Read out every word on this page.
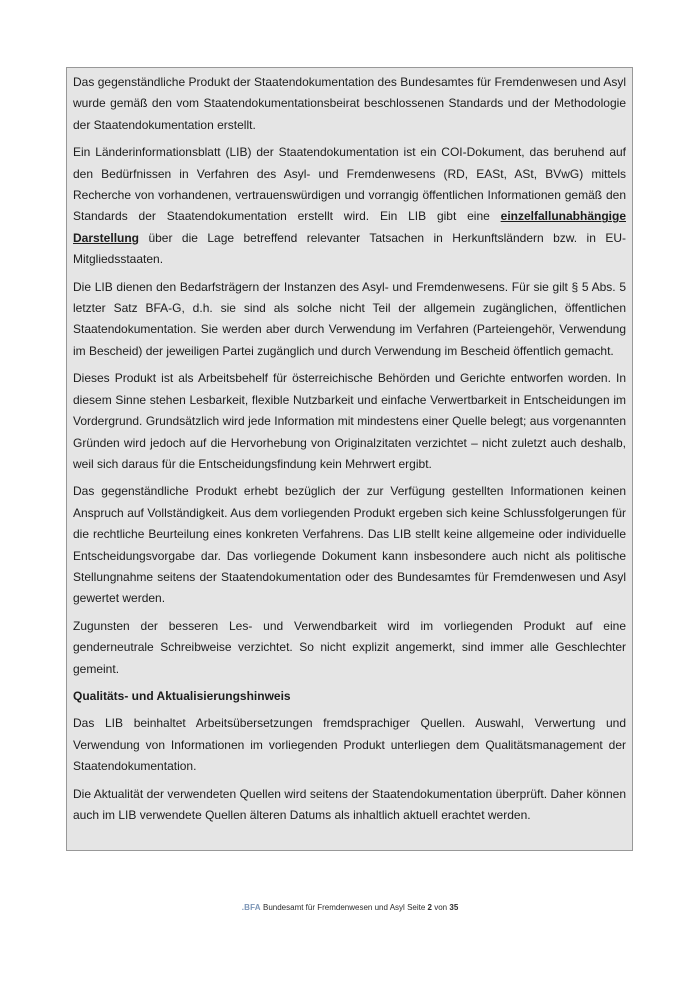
Das gegenständliche Produkt der Staatendokumentation des Bundesamtes für Fremdenwesen und Asyl wurde gemäß den vom Staatendokumentationsbeirat beschlossenen Standards und der Methodologie der Staatendokumentation erstellt.

Ein Länderinformationsblatt (LIB) der Staatendokumentation ist ein COI-Dokument, das beruhend auf den Bedürfnissen in Verfahren des Asyl- und Fremdenwesens (RD, EASt, ASt, BVwG) mittels Recherche von vorhandenen, vertrauenswürdigen und vorrangig öffentlichen Informationen gemäß den Standards der Staatendokumentation erstellt wird. Ein LIB gibt eine einzelfallunabhängige Darstellung über die Lage betreffend relevanter Tatsachen in Herkunftsländern bzw. in EU-Mitgliedsstaaten.

Die LIB dienen den Bedarfsträgern der Instanzen des Asyl- und Fremdenwesens. Für sie gilt § 5 Abs. 5 letzter Satz BFA-G, d.h. sie sind als solche nicht Teil der allgemein zugänglichen, öffentlichen Staatendokumentation. Sie werden aber durch Verwendung im Verfahren (Parteiengehör, Verwendung im Bescheid) der jeweiligen Partei zugänglich und durch Verwendung im Bescheid öffentlich gemacht.

Dieses Produkt ist als Arbeitsbehelf für österreichische Behörden und Gerichte entworfen worden. In diesem Sinne stehen Lesbarkeit, flexible Nutzbarkeit und einfache Verwertbarkeit in Entscheidungen im Vordergrund. Grundsätzlich wird jede Information mit mindestens einer Quelle belegt; aus vorgenannten Gründen wird jedoch auf die Hervorhebung von Originalzitaten verzichtet – nicht zuletzt auch deshalb, weil sich daraus für die Entscheidungsfindung kein Mehrwert ergibt.

Das gegenständliche Produkt erhebt bezüglich der zur Verfügung gestellten Informationen keinen Anspruch auf Vollständigkeit. Aus dem vorliegenden Produkt ergeben sich keine Schlussfolgerungen für die rechtliche Beurteilung eines konkreten Verfahrens. Das LIB stellt keine allgemeine oder individuelle Entscheidungsvorgabe dar. Das vorliegende Dokument kann insbesondere auch nicht als politische Stellungnahme seitens der Staatendokumentation oder des Bundesamtes für Fremdenwesen und Asyl gewertet werden.

Zugunsten der besseren Les- und Verwendbarkeit wird im vorliegenden Produkt auf eine genderneutrale Schreibweise verzichtet. So nicht explizit angemerkt, sind immer alle Geschlechter gemeint.

Qualitäts- und Aktualisierungshinweis

Das LIB beinhaltet Arbeitsübersetzungen fremdsprachiger Quellen. Auswahl, Verwertung und Verwendung von Informationen im vorliegenden Produkt unterliegen dem Qualitätsmanagement der Staatendokumentation.

Die Aktualität der verwendeten Quellen wird seitens der Staatendokumentation überprüft. Daher können auch im LIB verwendete Quellen älteren Datums als inhaltlich aktuell erachtet werden.

.BFA Bundesamt für Fremdenwesen und Asyl Seite 2 von 35
